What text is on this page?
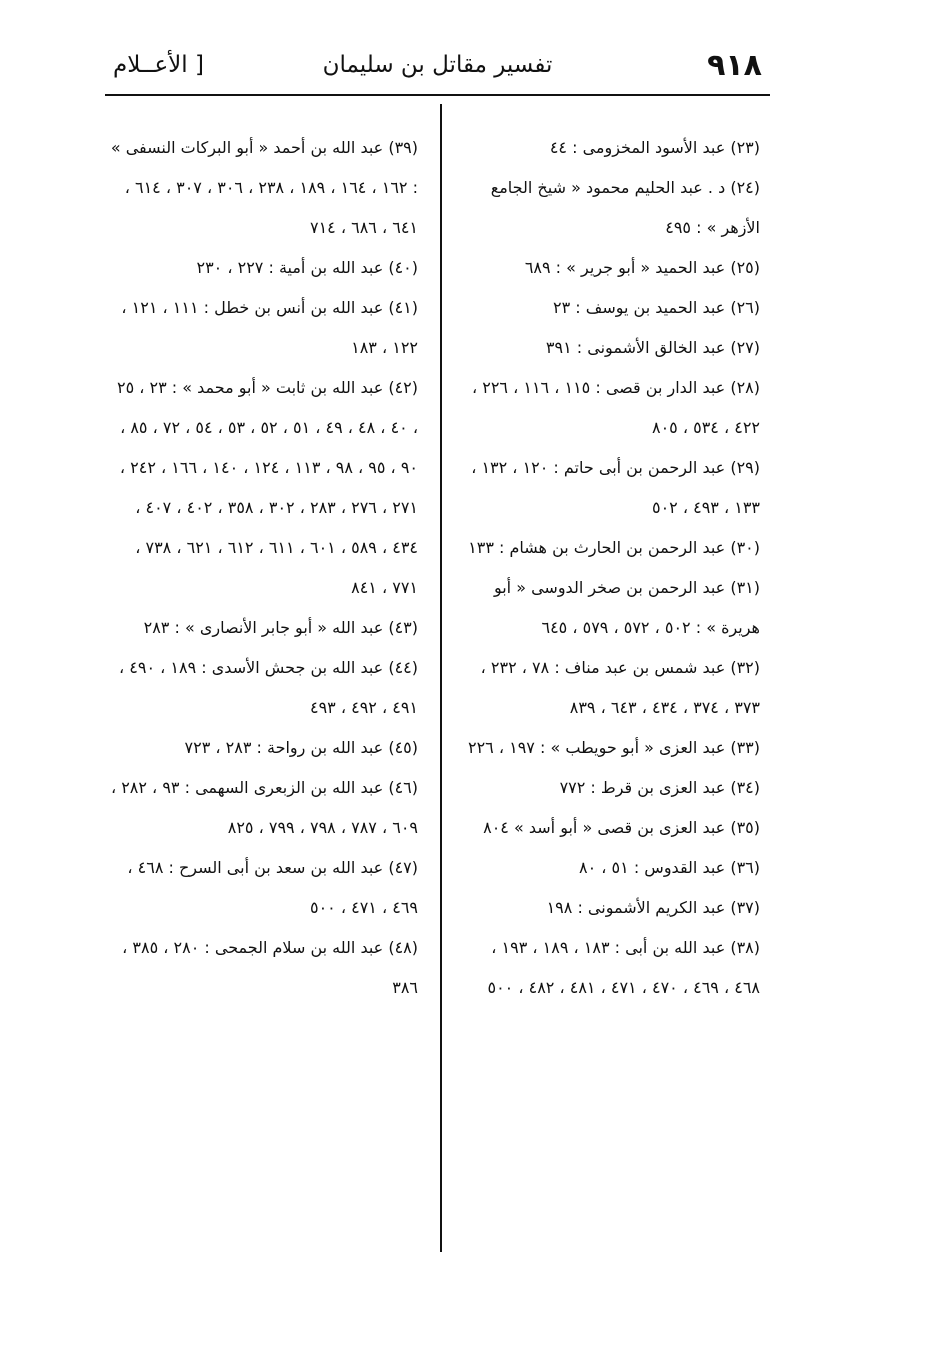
٩١٨
تفسير مقاتل بن سليمان
[ الأعــلام
(٢٣) عبد الأسود المخزومى : ٤٤
(٢٤) د . عبد الحليم محمود « شيخ الجامع الأزهر » : ٤٩٥
(٢٥) عبد الحميد « أبو جرير » : ٦٨٩
(٢٦) عبد الحميد بن يوسف : ٢٣
(٢٧) عبد الخالق الأشمونى : ٣٩١
(٢٨) عبد الدار بن قصى : ١١٥ ، ١١٦ ، ٢٢٦ ، ٤٢٢ ، ٥٣٤ ، ٨٠٥
(٢٩) عبد الرحمن بن أبى حاتم : ١٢٠ ، ١٣٢ ، ١٣٣ ، ٤٩٣ ، ٥٠٢
(٣٠) عبد الرحمن بن الحارث بن هشام : ١٣٣
(٣١) عبد الرحمن بن صخر الدوسى « أبو هريرة » : ٥٠٢ ، ٥٧٢ ، ٥٧٩ ، ٦٤٥
(٣٢) عبد شمس بن عبد مناف : ٧٨ ، ٢٣٢ ، ٣٧٣ ، ٣٧٤ ، ٤٣٤ ، ٦٤٣ ، ٨٣٩
(٣٣) عبد العزى « أبو حويطب » : ١٩٧ ، ٢٢٦
(٣٤) عبد العزى بن قرط : ٧٧٢
(٣٥) عبد العزى بن قصى « أبو أسد » ٨٠٤
(٣٦) عبد القدوس : ٥١ ، ٨٠
(٣٧) عبد الكريم الأشمونى : ١٩٨
(٣٨) عبد الله بن أبى : ١٨٣ ، ١٨٩ ، ١٩٣ ، ٤٦٨ ، ٤٦٩ ، ٤٧٠ ، ٤٧١ ، ٤٨١ ، ٤٨٢ ، ٥٠٠
(٣٩) عبد الله بن أحمد « أبو البركات النسفى » : ١٦٢ ، ١٦٤ ، ١٨٩ ، ٢٣٨ ، ٣٠٦ ، ٣٠٧ ، ٦١٤ ، ٦٤١ ، ٦٨٦ ، ٧١٤
(٤٠) عبد الله بن أمية : ٢٢٧ ، ٢٣٠
(٤١) عبد الله بن أنس بن خطل : ١١١ ، ١٢١ ، ١٢٢ ، ١٨٣
(٤٢) عبد الله بن ثابت « أبو محمد » : ٢٣ ، ٢٥ ، ٤٠ ، ٤٨ ، ٤٩ ، ٥١ ، ٥٢ ، ٥٣ ، ٥٤ ، ٧٢ ، ٨٥ ، ٩٠ ، ٩٥ ، ٩٨ ، ١١٣ ، ١٢٤ ، ١٤٠ ، ١٦٦ ، ٢٤٢ ، ٢٧١ ، ٢٧٦ ، ٢٨٣ ، ٣٠٢ ، ٣٥٨ ، ٤٠٢ ، ٤٠٧ ، ٤٣٤ ، ٥٨٩ ، ٦٠١ ، ٦١١ ، ٦١٢ ، ٦٢١ ، ٧٣٨ ، ٧٧١ ، ٨٤١
(٤٣) عبد الله « أبو جابر الأنصارى » : ٢٨٣
(٤٤) عبد الله بن جحش الأسدى : ١٨٩ ، ٤٩٠ ، ٤٩١ ، ٤٩٢ ، ٤٩٣
(٤٥) عبد الله بن رواحة : ٢٨٣ ، ٧٢٣
(٤٦) عبد الله بن الزبعرى السهمى : ٩٣ ، ٢٨٢ ، ٦٠٩ ، ٧٨٧ ، ٧٩٨ ، ٧٩٩ ، ٨٢٥
(٤٧) عبد الله بن سعد بن أبى السرح : ٤٦٨ ، ٤٦٩ ، ٤٧١ ، ٥٠٠
(٤٨) عبد الله بن سلام الجمحى : ٢٨٠ ، ٣٨٥ ، ٣٨٦
